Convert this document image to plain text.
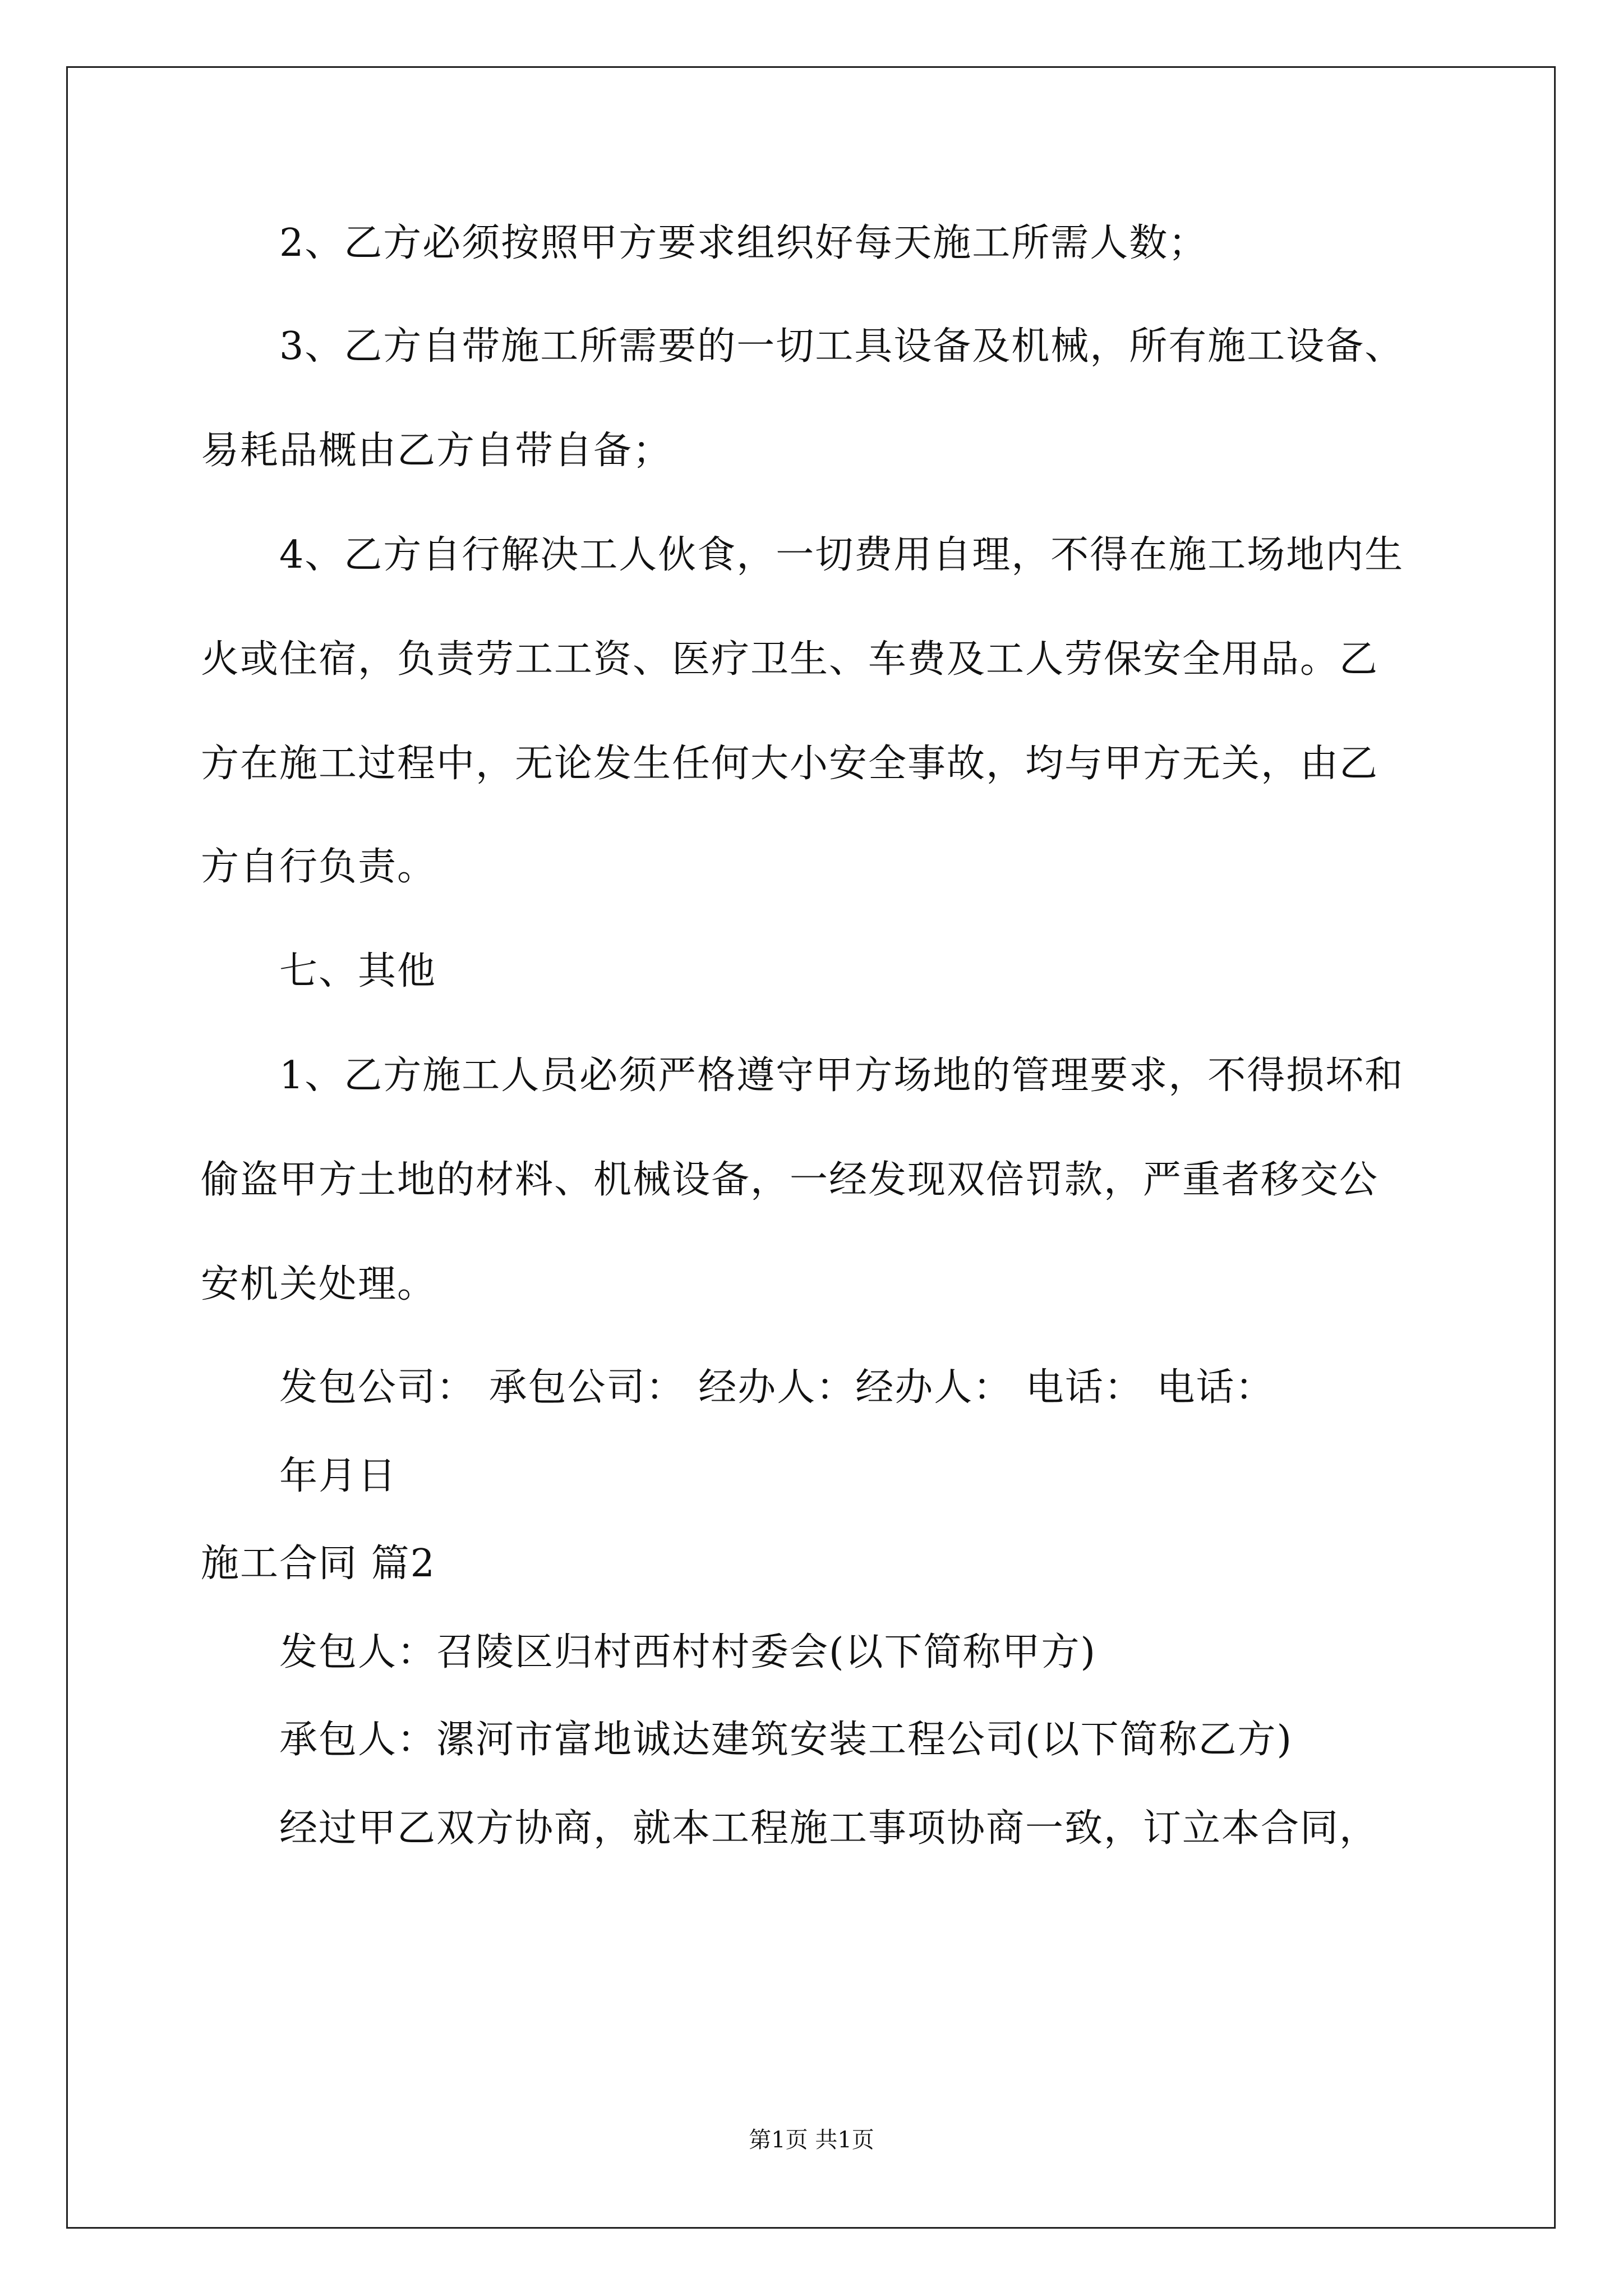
2、乙方必须按照甲方要求组织好每天施工所需人数；
3、乙方自带施工所需要的一切工具设备及机械，所有施工设备、
易耗品概由乙方自带自备；
4、乙方自行解决工人伙食，一切费用自理，不得在施工场地内生
火或住宿，负责劳工工资、医疗卫生、车费及工人劳保安全用品。乙
方在施工过程中，无论发生任何大小安全事故，均与甲方无关，由乙
方自行负责。
七、其他
1、乙方施工人员必须严格遵守甲方场地的管理要求，不得损坏和
偷盗甲方土地的材料、机械设备，一经发现双倍罚款，严重者移交公
安机关处理。
发包公司： 承包公司： 经办人：经办人： 电话： 电话：
年月日
施工合同 篇2
发包人：召陵区归村西村村委会(以下简称甲方)
承包人：漯河市富地诚达建筑安装工程公司(以下简称乙方)
经过甲乙双方协商，就本工程施工事项协商一致，订立本合同，
第1页 共1页
